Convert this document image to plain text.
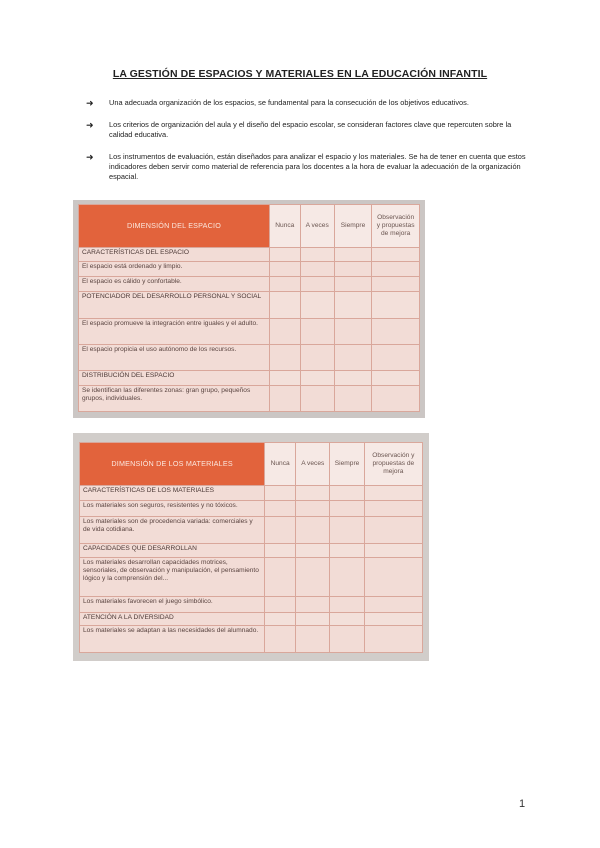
LA GESTIÓN DE ESPACIOS Y MATERIALES EN LA EDUCACIÓN INFANTIL
➜	Una adecuada organización de los espacios, se fundamental para la consecución de los objetivos educativos.
➜	Los criterios de organización del aula y el diseño del espacio escolar, se consideran factores clave que repercuten sobre la calidad educativa.
➜	Los instrumentos de evaluación, están diseñados para analizar el espacio y los materiales. Se ha de tener en cuenta que estos indicadores deben servir como material de referencia para los docentes a la hora de evaluar la adecuación de la organización espacial.
DIMENSIÓN DEL ESPACIO	Nunca	A veces	Siempre	Observación y propuestas de mejora
CARACTERÍSTICAS DEL ESPACIO				
El espacio está ordenado y limpio.				
El espacio es cálido y confortable.				
POTENCIADOR DEL DESARROLLO PERSONAL Y SOCIAL				
El espacio promueve la integración entre iguales y el adulto.				
El espacio propicia el uso autónomo de los recursos.				
DISTRIBUCIÓN DEL ESPACIO				
Se identifican las diferentes zonas: gran grupo, pequeños grupos, individuales.				
DIMENSIÓN DE LOS MATERIALES	Nunca	A veces	Siempre	Observación y propuestas de mejora
CARACTERÍSTICAS DE LOS MATERIALES				
Los materiales son seguros, resistentes y no tóxicos.				
Los materiales son de procedencia variada: comerciales y de vida cotidiana.				
CAPACIDADES QUE DESARROLLAN				
Los materiales desarrollan capacidades motrices, sensoriales, de observación y manipulación, el pensamiento lógico y la comprensión del...				
Los materiales favorecen el juego simbólico.				
ATENCIÓN A LA DIVERSIDAD				
Los materiales se adaptan a las necesidades del alumnado.				
1
